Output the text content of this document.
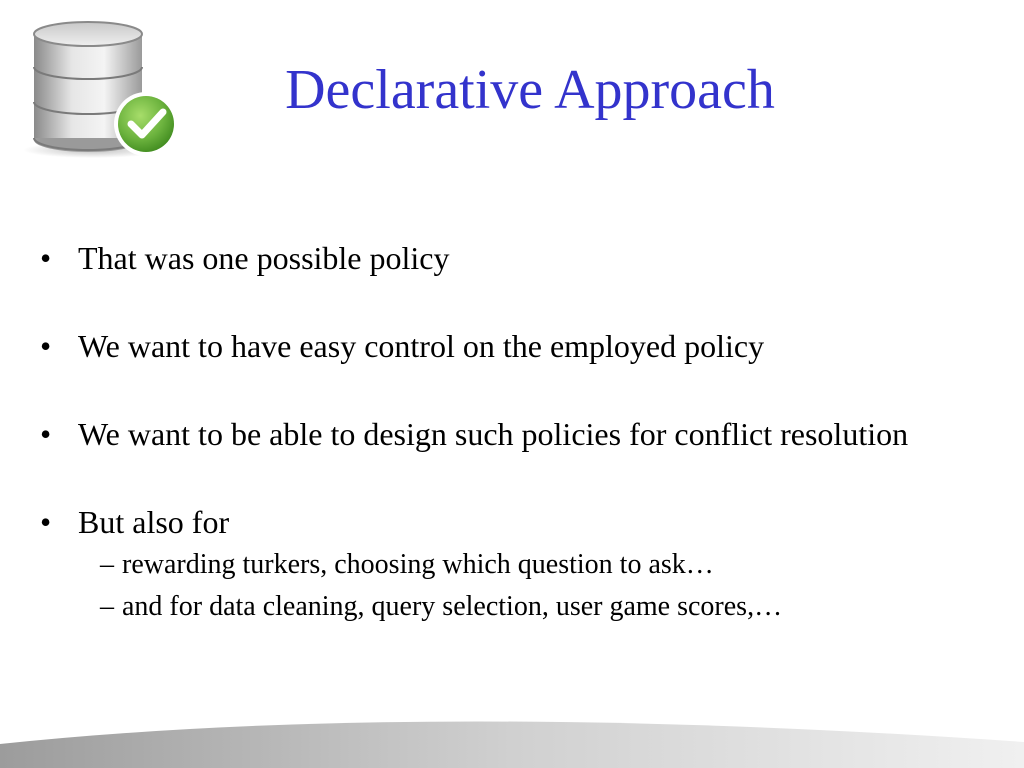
Declarative Approach
• That was one possible policy
• We want to have easy control on the employed policy
• We want to be able to design such policies for conflict resolution
• But also for
– rewarding turkers, choosing which question to ask…
– and for data cleaning, query selection, user game scores,…
